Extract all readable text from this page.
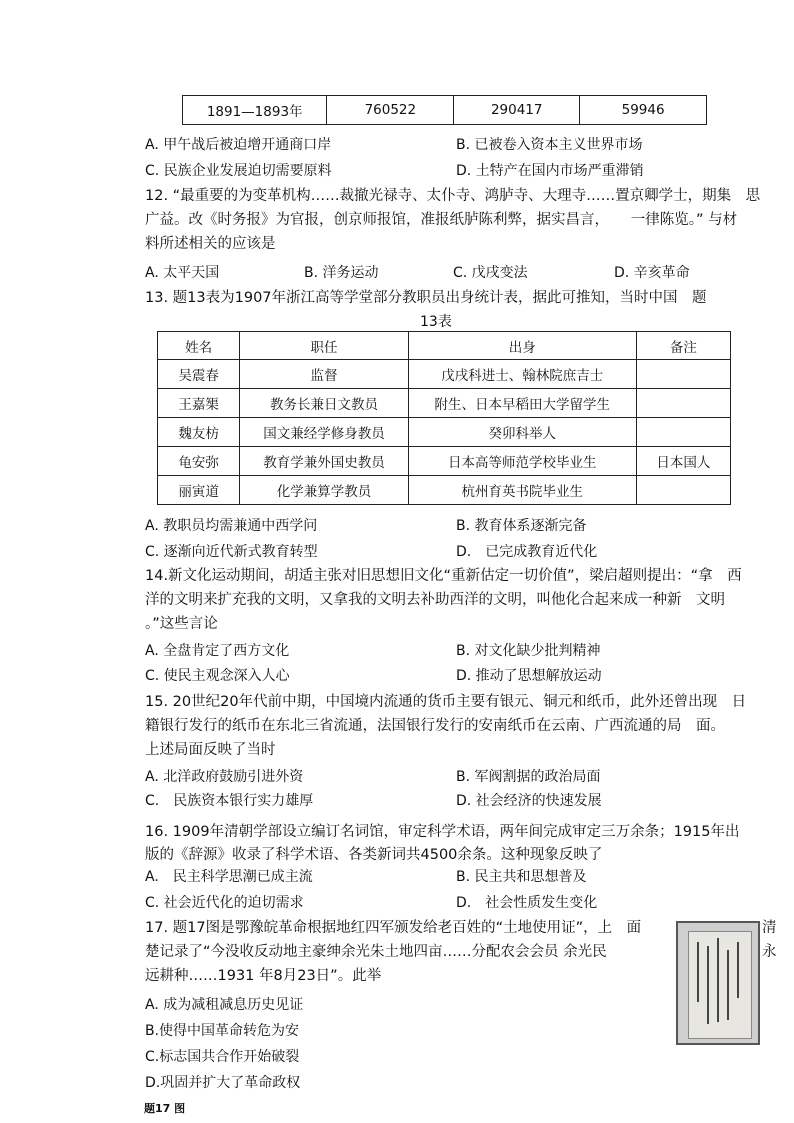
1891—1893年	760522	290417	59946
A. 甲午战后被迫增开通商口岸	B. 已被卷入资本主义世界市场
C. 民族企业发展迫切需要原料	D. 土特产在国内市场严重滞销
12. “最重要的为变革机构……裁撤光禄寺、太仆寺、鸿胪寺、大理寺……置京卿学士，期集　思
广益。改《时务报》为官报，创京师报馆，准报纸胪陈利弊，据实昌言，　　一律陈览。” 与材
料所述相关的应该是
A. 太平天国	B. 洋务运动	C. 戊戌变法	D. 辛亥革命
13. 题13表为1907年浙江高等学堂部分教职员出身统计表，据此可推知，当时中国　题
13表
姓名	职任	出身	备注
吴震春	监督	戊戌科进士、翰林院庶吉士	
王嘉榘	教务长兼日文教员	附生、日本早稻田大学留学生	
魏友枋	国文兼经学修身教员	癸卯科举人	
龟安弥	教育学兼外国史教员	日本高等师范学校毕业生	日本国人
丽寅道	化学兼算学教员	杭州育英书院毕业生	
A. 教职员均需兼通中西学问	B. 教育体系逐渐完备
C. 逐渐向近代新式教育转型	D.　已完成教育近代化
14.新文化运动期间，胡适主张对旧思想旧文化“重新估定一切价值”，梁启超则提出：“拿　西
洋的文明来扩充我的文明，又拿我的文明去补助西洋的文明，叫他化合起来成一种新　文明
。”这些言论
A. 全盘肯定了西方文化	B. 对文化缺少批判精神
C. 使民主观念深入人心	D. 推动了思想解放运动
15. 20世纪20年代前中期，中国境内流通的货币主要有银元、铜元和纸币，此外还曾出现　日
籍银行发行的纸币在东北三省流通，法国银行发行的安南纸币在云南、广西流通的局　面。
上述局面反映了当时
A. 北洋政府鼓励引进外资	B. 军阀割据的政治局面
C.　民族资本银行实力雄厚	D. 社会经济的快速发展
16. 1909年清朝学部设立编订名词馆，审定科学术语，两年间完成审定三万余条；1915年出
版的《辞源》收录了科学术语、各类新词共4500余条。这种现象反映了
A.　民主科学思潮已成主流	B. 民主共和思想普及
C. 社会近代化的迫切需求	D.　社会性质发生变化
17. 题17图是鄂豫皖革命根据地红四军颁发给老百姓的“土地使用证”，上　面
楚记录了“今没收反动地主豪绅余光朱土地四亩……分配农会会员 余光民
远耕种……1931 年8月23日”。此举
清
永
A. 成为减租减息历史见证
B.使得中国革命转危为安
C.标志国共合作开始破裂
D.巩固并扩大了革命政权
题17 图
